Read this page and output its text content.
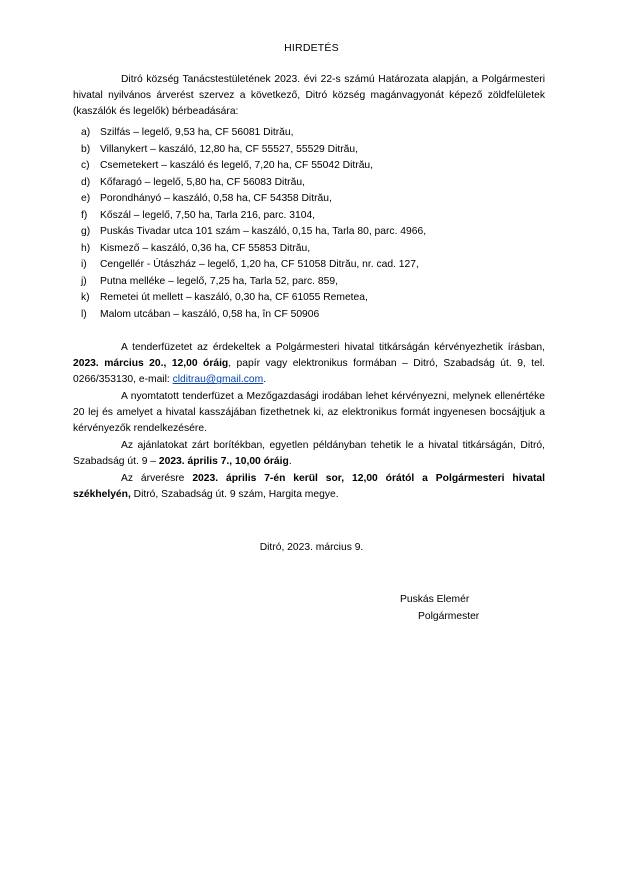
HIRDETÉS
Ditró község Tanácstestületének 2023. évi 22-s számú Határozata alapján, a Polgármesteri hivatal nyilvános árverést szervez a következő, Ditró község magánvagyonát képező zöldfelületek (kaszálók és legelők) bérbeadására:
a) Szilfás – legelő, 9,53 ha, CF 56081 Ditrău,
b) Villanykert – kaszáló, 12,80 ha, CF 55527, 55529 Ditrău,
c) Csemetekert – kaszáló és legelő, 7,20 ha, CF 55042 Ditrău,
d) Kőfaragó – legelő, 5,80 ha, CF 56083 Ditrău,
e) Porondhányó – kaszáló, 0,58 ha, CF 54358 Ditrău,
f) Kőszál – legelő, 7,50 ha, Tarla 216, parc. 3104,
g) Puskás Tivadar utca 101 szám – kaszáló, 0,15 ha, Tarla 80, parc. 4966,
h) Kismező – kaszáló, 0,36 ha, CF 55853 Ditrău,
i) Cengellér - Útászház – legelő, 1,20 ha, CF 51058 Ditrău, nr. cad. 127,
j) Putna melléke – legelő, 7,25 ha, Tarla 52, parc. 859,
k) Remetei út mellett – kaszáló, 0,30 ha, CF 61055 Remetea,
l) Malom utcában – kaszáló, 0,58 ha, în CF 50906
A tenderfüzetet az érdekeltek a Polgármesteri hivatal titkárságán kérvényezhetik írásban, 2023. március 20., 12,00 óráig, papír vagy elektronikus formában – Ditró, Szabadság út. 9, tel. 0266/353130, e-mail: clditrau@gmail.com.
A nyomtatott tenderfüzet a Mezőgazdasági irodában lehet kérvényezni, melynek ellenértéke 20 lej és amelyet a hivatal kasszájában fizethetnek ki, az elektronikus formát ingyenesen bocsájtjuk a kérvényezők rendelkezésére.
Az ajánlatokat zárt borítékban, egyetlen példányban tehetik le a hivatal titkárságán, Ditró, Szabadság út. 9 – 2023. április 7., 10,00 óráig.
Az árverésre 2023. április 7-én kerül sor, 12,00 órától a Polgármesteri hivatal székhelyén, Ditró, Szabadság út. 9 szám, Hargita megye.
Ditró, 2023. március 9.
Puskás Elemér
Polgármester
